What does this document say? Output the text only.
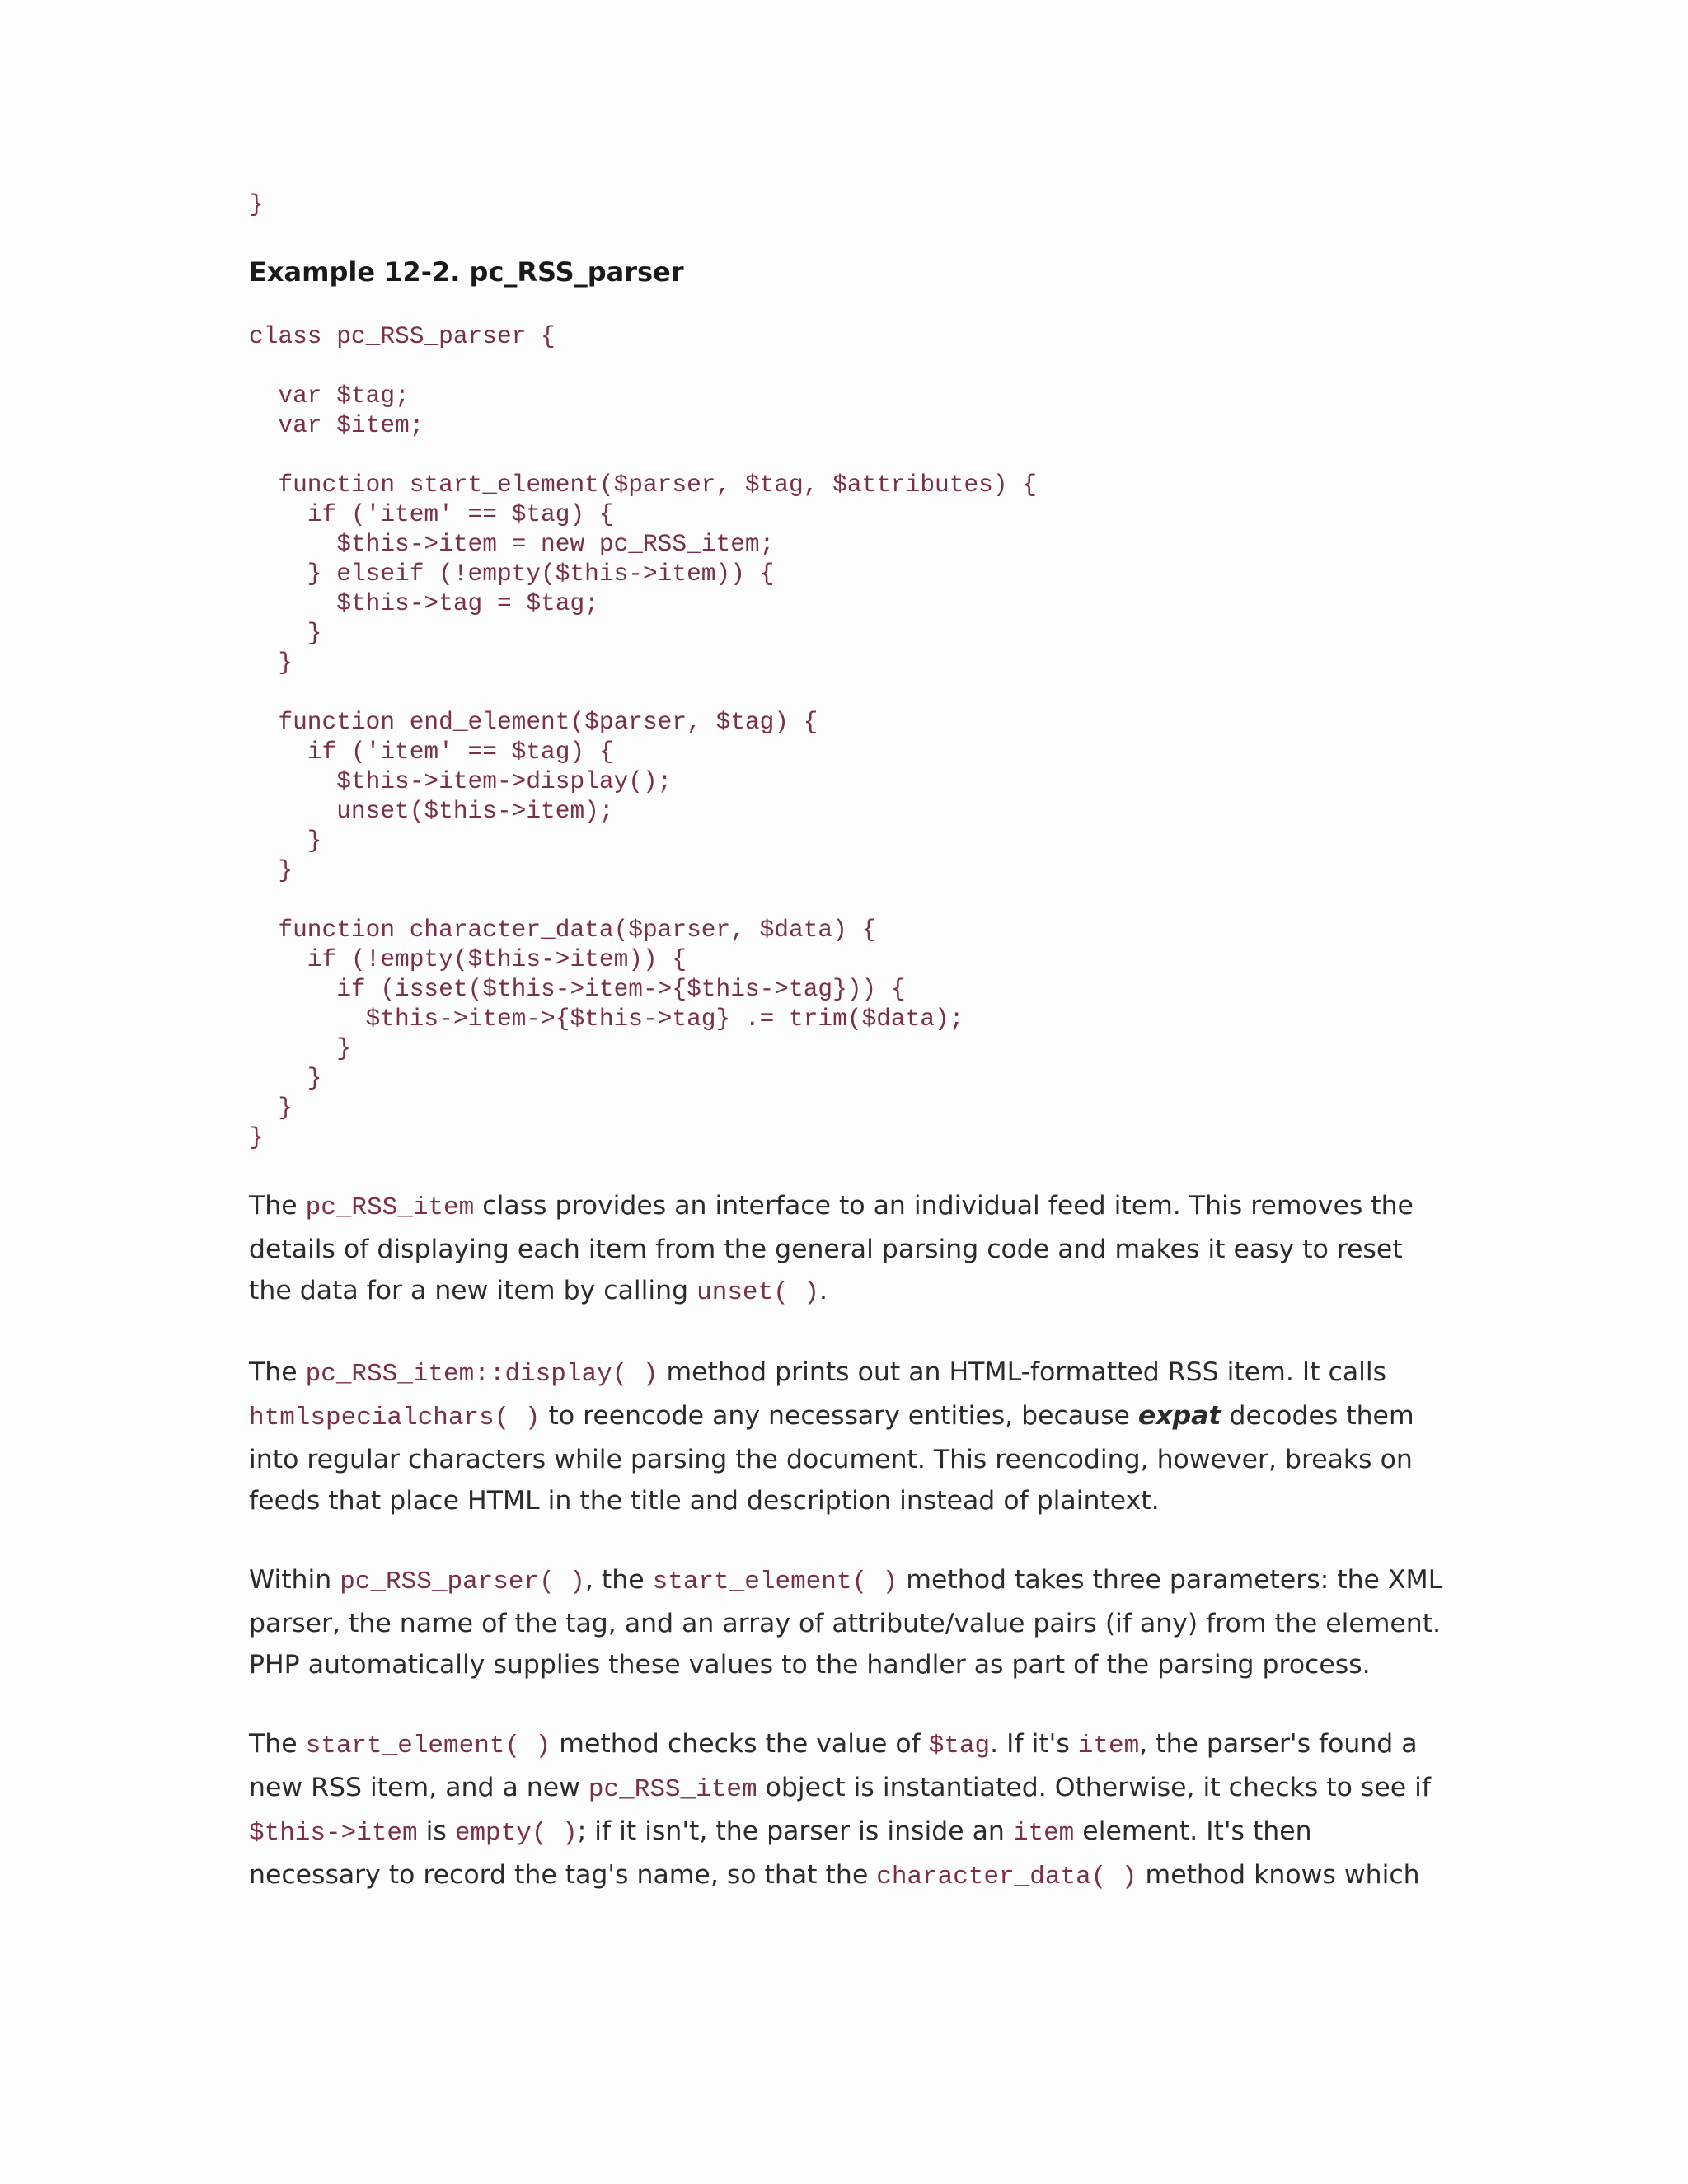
}
Example 12-2. pc_RSS_parser
class pc_RSS_parser {

var $tag;
var $item;

function start_element($parser, $tag, $attributes) {
if ('item' == $tag) {
$this->item = new pc_RSS_item;
} elseif (!empty($this->item)) {
$this->tag = $tag;
}
}

function end_element($parser, $tag) {
if ('item' == $tag) {
$this->item->display();
unset($this->item);
}
}

function character_data($parser, $data) {
if (!empty($this->item)) {
if (isset($this->item->{$this->tag})) {
$this->item->{$this->tag} .= trim($data);
}
}
}
}

The pc_RSS_item class provides an interface to an individual feed item. This removes the details of displaying each item from the general parsing code and makes it easy to reset the data for a new item by calling unset( ).

The pc_RSS_item::display( ) method prints out an HTML-formatted RSS item. It calls htmlspecialchars( ) to reencode any necessary entities, because expat decodes them into regular characters while parsing the document. This reencoding, however, breaks on feeds that place HTML in the title and description instead of plaintext.

Within pc_RSS_parser( ), the start_element( ) method takes three parameters: the XML parser, the name of the tag, and an array of attribute/value pairs (if any) from the element. PHP automatically supplies these values to the handler as part of the parsing process.

The start_element( ) method checks the value of $tag. If it's item, the parser's found a new RSS item, and a new pc_RSS_item object is instantiated. Otherwise, it checks to see if $this->item is empty( ); if it isn't, the parser is inside an item element. It's then necessary to record the tag's name, so that the character_data( ) method knows which
